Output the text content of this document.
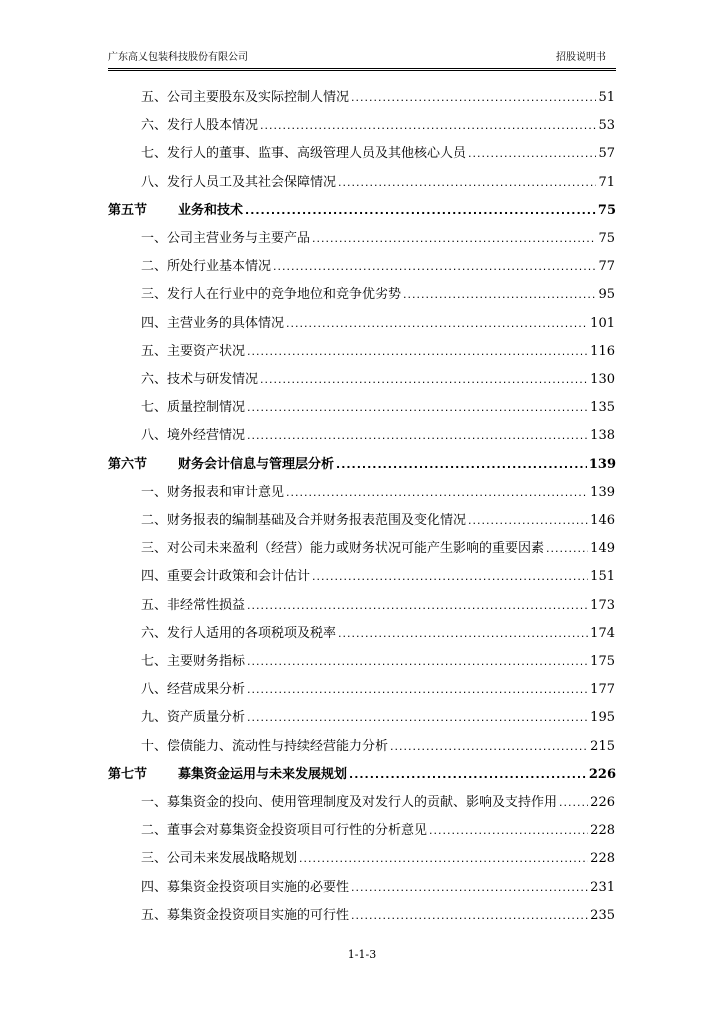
广东高乂包装科技股份有限公司	招股说明书
五、公司主要股东及实际控制人情况 .....	51
六、发行人股本情况 .....	53
七、发行人的董事、监事、高级管理人员及其他核心人员 .....	57
八、发行人员工及其社会保障情况 .....	71
第五节 业务和技术 .....	75
一、公司主营业务与主要产品 .....	75
二、所处行业基本情况 .....	77
三、发行人在行业中的竞争地位和竞争优劣势 .....	95
四、主营业务的具体情况 .....	101
五、主要资产状况 .....	116
六、技术与研发情况 .....	130
七、质量控制情况 .....	135
八、境外经营情况 .....	138
第六节 财务会计信息与管理层分析 .....	139
一、财务报表和审计意见 .....	139
二、财务报表的编制基础及合并财务报表范围及变化情况 .....	146
三、对公司未来盈利（经营）能力或财务状况可能产生影响的重要因素 .....	149
四、重要会计政策和会计估计 .....	151
五、非经常性损益 .....	173
六、发行人适用的各项税项及税率 .....	174
七、主要财务指标 .....	175
八、经营成果分析 .....	177
九、资产质量分析 .....	195
十、偿债能力、流动性与持续经营能力分析 .....	215
第七节 募集资金运用与未来发展规划 .....	226
一、募集资金的投向、使用管理制度及对发行人的贡献、影响及支持作用 .....	226
二、董事会对募集资金投资项目可行性的分析意见 .....	228
三、公司未来发展战略规划 .....	228
四、募集资金投资项目实施的必要性 .....	231
五、募集资金投资项目实施的可行性 .....	235
1-1-3
